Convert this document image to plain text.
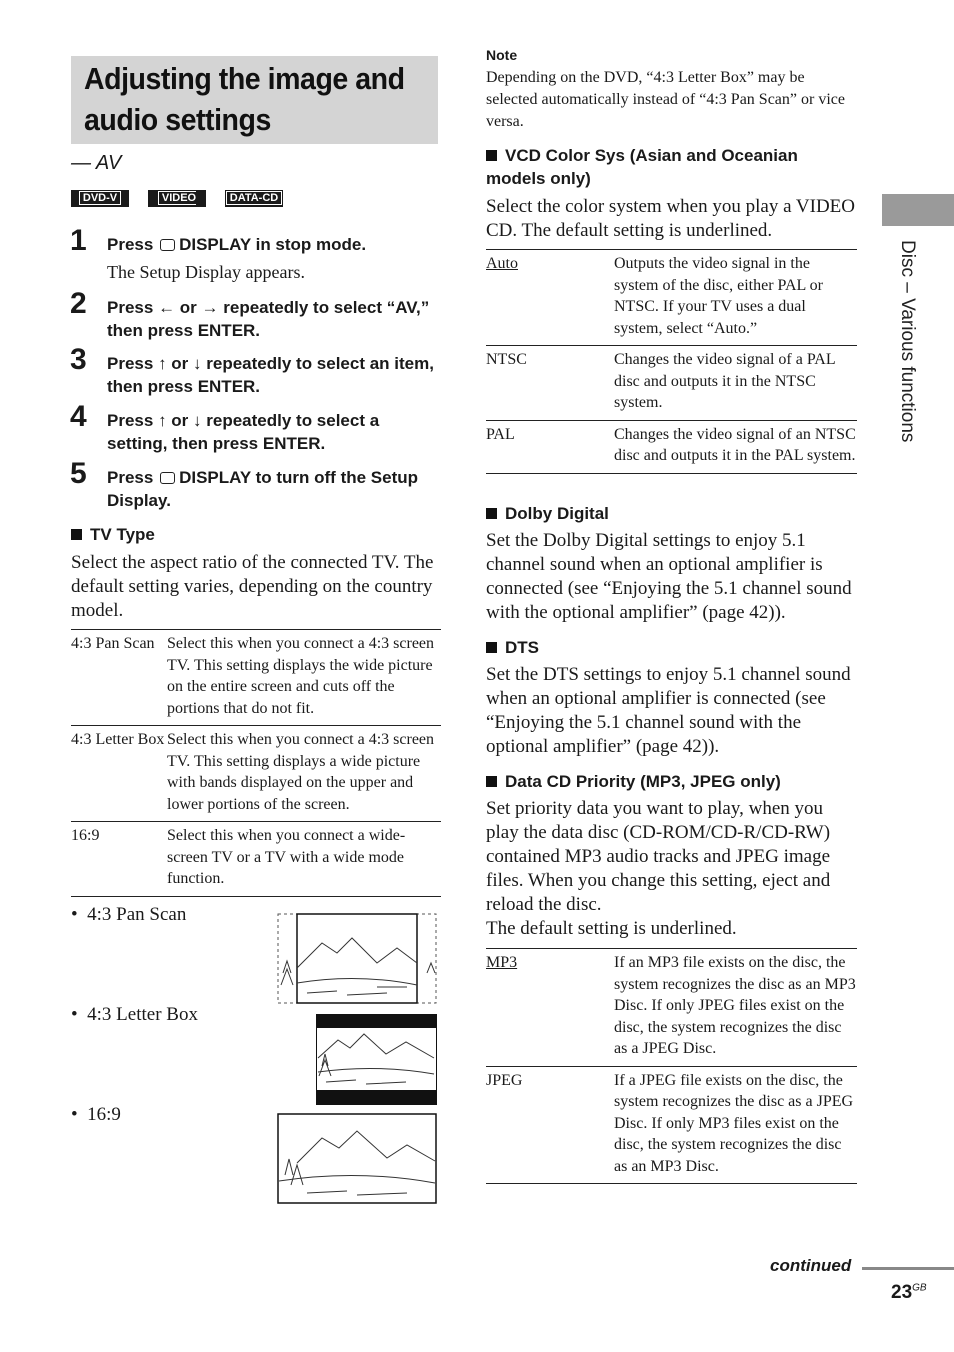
Adjusting the image and audio settings
— AV
DVD-V	VIDEO CD
DATA-CD
1 Press DISPLAY in stop mode.
The Setup Display appears.
2 Press ← or → repeatedly to select “AV,” then press ENTER.
3 Press ↑ or ↓ repeatedly to select an item, then press ENTER.
4 Press ↑ or ↓ repeatedly to select a setting, then press ENTER.
5 Press DISPLAY to turn off the Setup Display.
TV Type
Select the aspect ratio of the connected TV. The default setting varies, depending on the country model.
4:3 Pan Scan	Select this when you connect a 4:3 screen TV. This setting displays the wide picture on the entire screen and cuts off the portions that do not fit.
4:3 Letter Box	Select this when you connect a 4:3 screen TV. This setting displays a wide picture with bands displayed on the upper and lower portions of the screen.
16:9	Select this when you connect a wide-screen TV or a TV with a wide mode function.
•  4:3 Pan Scan
•  4:3 Letter Box
•  16:9
Note
Depending on the DVD, “4:3 Letter Box” may be selected automatically instead of “4:3 Pan Scan” or vice versa.
VCD Color Sys (Asian and Oceanian models only)
Select the color system when you play a VIDEO CD. The default setting is underlined.
Auto	Outputs the video signal in the system of the disc, either PAL or NTSC. If your TV uses a dual system, select “Auto.”
NTSC	Changes the video signal of a PAL disc and outputs it in the NTSC system.
PAL	Changes the video signal of an NTSC disc and outputs it in the PAL system.
Dolby Digital
Set the Dolby Digital settings to enjoy 5.1 channel sound when an optional amplifier is connected (see “Enjoying the 5.1 channel sound with the optional amplifier” (page 42)).
DTS
Set the DTS settings to enjoy 5.1 channel sound when an optional amplifier is connected (see “Enjoying the 5.1 channel sound with the optional amplifier” (page 42)).
Data CD Priority (MP3, JPEG only)
Set priority data you want to play, when you play the data disc (CD-ROM/CD-R/CD-RW) contained MP3 audio tracks and JPEG image files. When you change this setting, eject and reload the disc.
The default setting is underlined.
MP3	If an MP3 file exists on the disc, the system recognizes the disc as an MP3 Disc. If only JPEG files exist on the disc, the system recognizes the disc as a JPEG Disc.
JPEG	If a JPEG file exists on the disc, the system recognizes the disc as a JPEG Disc. If only MP3 files exist on the disc, the system recognizes the disc as an MP3 Disc.
Disc – Various functions
continued
$23^{GB}$
